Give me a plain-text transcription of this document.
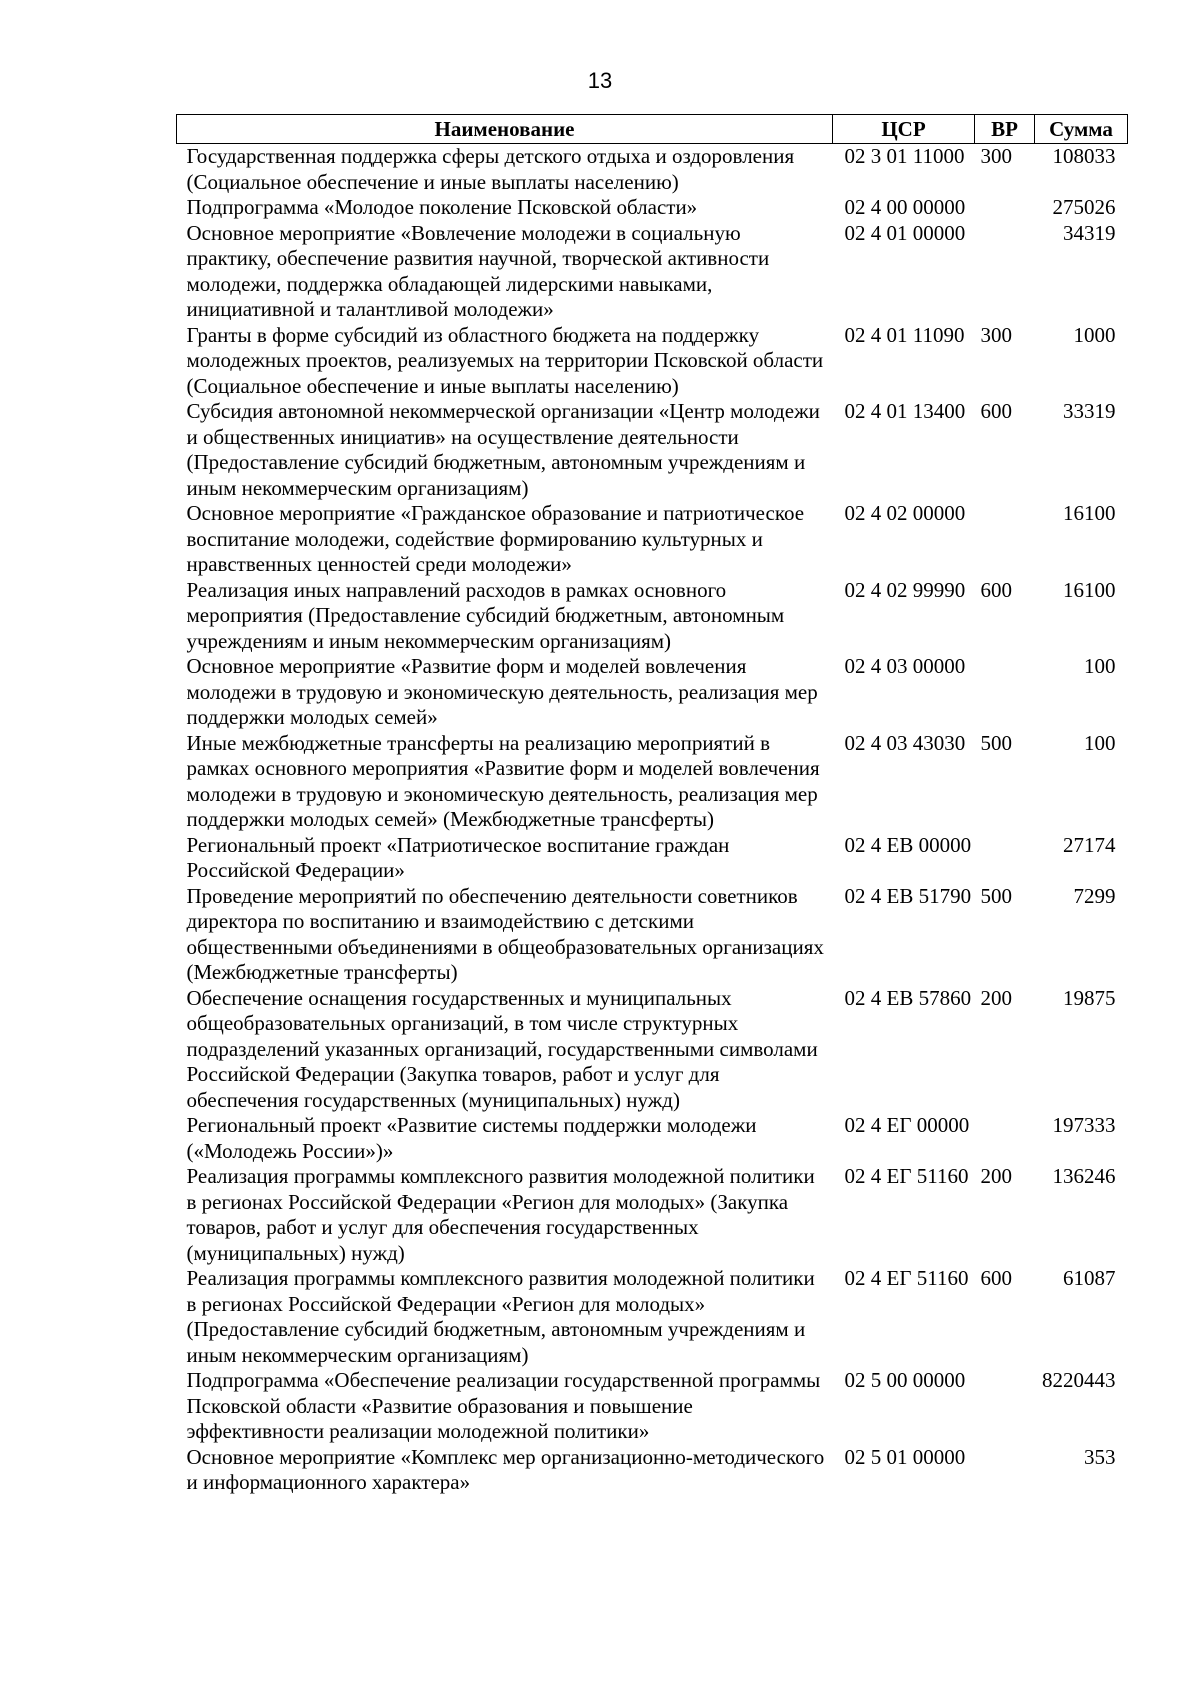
13
Наименование	ЦСР	ВР	Сумма
Государственная поддержка сферы детского отдыха и оздоровления (Социальное обеспечение и иные выплаты населению)	02 3 01 11000	300	108033
Подпрограмма «Молодое поколение Псковской области»	02 4 00 00000		275026
Основное мероприятие «Вовлечение молодежи в социальную практику, обеспечение развития научной, творческой активности молодежи, поддержка обладающей лидерскими навыками, инициативной и талантливой молодежи»	02 4 01 00000		34319
Гранты в форме субсидий из областного бюджета на поддержку молодежных проектов, реализуемых на территории Псковской области (Социальное обеспечение и иные выплаты населению)	02 4 01 11090	300	1000
Субсидия автономной некоммерческой организации «Центр молодежи и общественных инициатив» на осуществление деятельности (Предоставление субсидий бюджетным, автономным учреждениям и иным некоммерческим организациям)	02 4 01 13400	600	33319
Основное мероприятие «Гражданское образование и патриотическое воспитание молодежи, содействие формированию культурных и нравственных ценностей среди молодежи»	02 4 02 00000		16100
Реализация иных направлений расходов в рамках основного мероприятия (Предоставление субсидий бюджетным, автономным учреждениям и иным некоммерческим организациям)	02 4 02 99990	600	16100
Основное мероприятие «Развитие форм и моделей вовлечения молодежи в трудовую и экономическую деятельность, реализация мер поддержки молодых семей»	02 4 03 00000		100
Иные межбюджетные трансферты на реализацию мероприятий в рамках основного мероприятия «Развитие форм и моделей вовлечения молодежи в трудовую и экономическую деятельность, реализация мер поддержки молодых семей» (Межбюджетные трансферты)	02 4 03 43030	500	100
Региональный проект «Патриотическое воспитание граждан Российской Федерации»	02 4 ЕВ 00000		27174
Проведение мероприятий по обеспечению деятельности советников директора по воспитанию и взаимодействию с детскими общественными объединениями в общеобразовательных организациях (Межбюджетные трансферты)	02 4 ЕВ 51790	500	7299
Обеспечение оснащения государственных и муниципальных общеобразовательных организаций, в том числе структурных подразделений указанных организаций, государственными символами Российской Федерации (Закупка товаров, работ и услуг для обеспечения государственных (муниципальных) нужд)	02 4 ЕВ 57860	200	19875
Региональный проект «Развитие системы поддержки молодежи («Молодежь России»)»	02 4 ЕГ 00000		197333
Реализация программы комплексного развития молодежной политики в регионах Российской Федерации «Регион для молодых» (Закупка товаров, работ и услуг для обеспечения государственных (муниципальных) нужд)	02 4 ЕГ 51160	200	136246
Реализация программы комплексного развития молодежной политики в регионах Российской Федерации «Регион для молодых» (Предоставление субсидий бюджетным, автономным учреждениям и иным некоммерческим организациям)	02 4 ЕГ 51160	600	61087
Подпрограмма «Обеспечение реализации государственной программы Псковской области «Развитие образования и повышение эффективности реализации молодежной политики»	02 5 00 00000		8220443
Основное мероприятие «Комплекс мер организационно-методического и информационного характера»	02 5 01 00000		353
